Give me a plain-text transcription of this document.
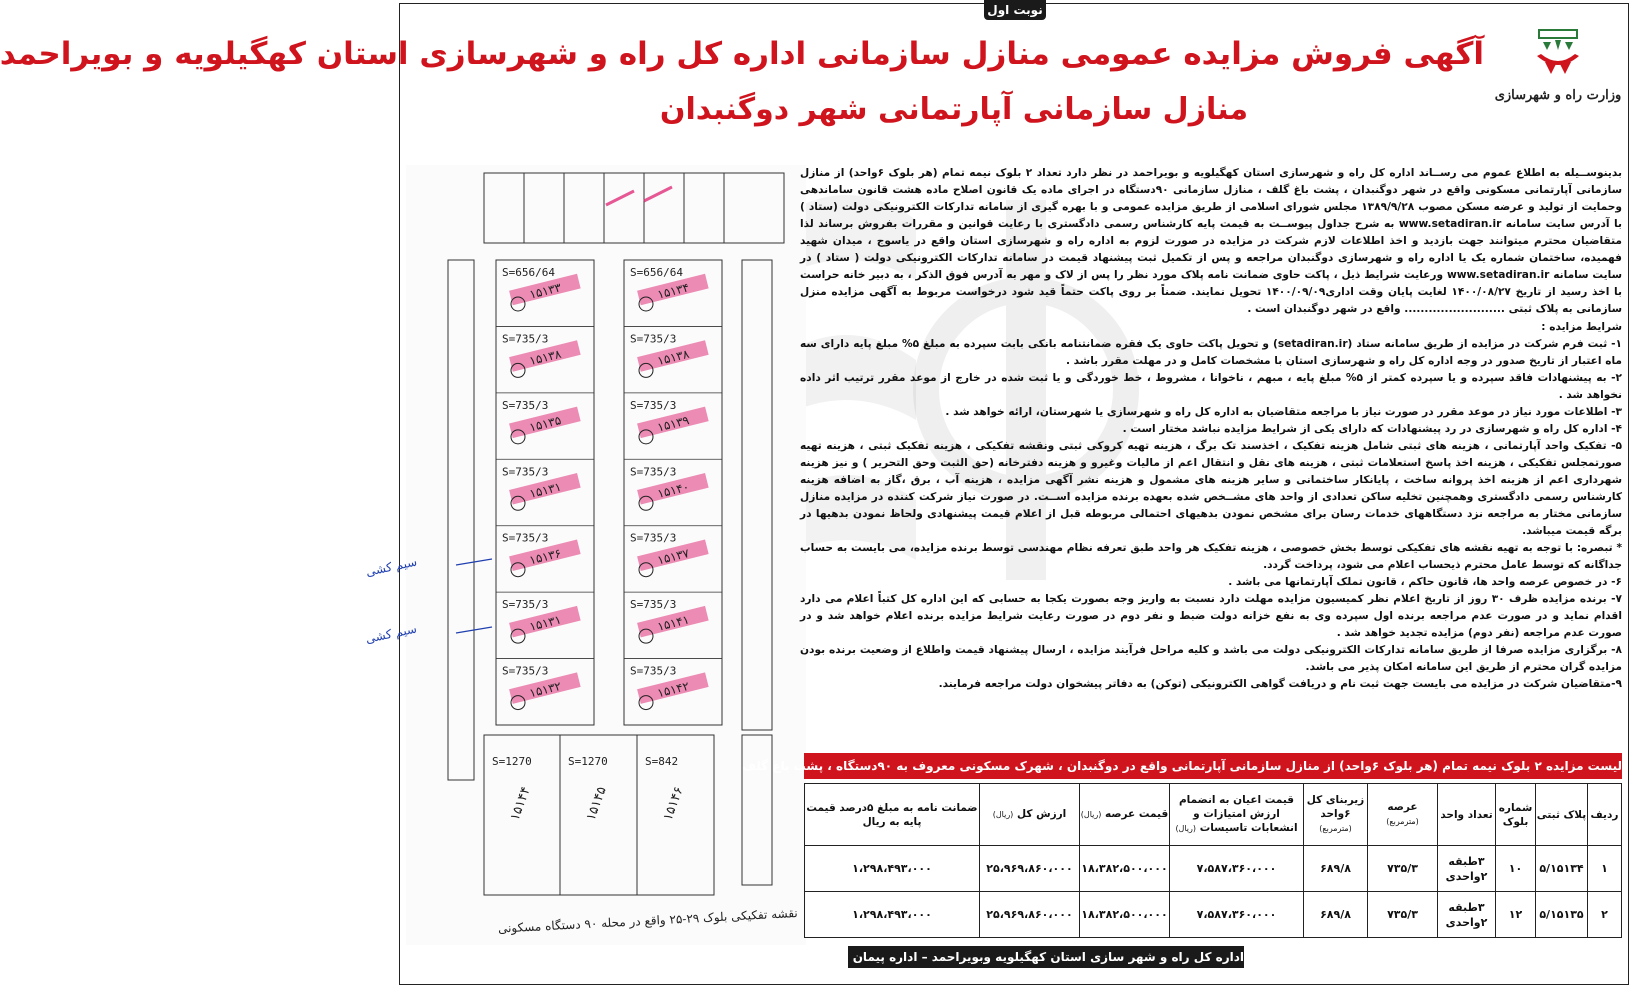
نوبت اول
وزارت راه و شهرسازی
آگهی فروش مزایده عمومی منازل سازمانی اداره کل راه و شهرسازی استان کهگیلویه و بویراحمد
منازل سازمانی آپارتمانی شهر دوگنبدان
S=656/64
۱۵۱۳۳
S=656/64
۱۵۱۳۴
S=735/3
۱۵۱۳۸
S=735/3
۱۵۱۳۸
S=735/3
۱۵۱۳۵
S=735/3
۱۵۱۳۹
S=735/3
۱۵۱۳۱
S=735/3
۱۵۱۴۰
S=735/3
۱۵۱۳۶
S=735/3
۱۵۱۳۷
S=735/3
۱۵۱۳۱
S=735/3
۱۵۱۴۱
S=735/3
۱۵۱۳۲
S=735/3
۱۵۱۴۲
S=1270
۱۵۱۴۴
S=1270
۱۵۱۴۵
S=842
۱۵۱۴۶
سیم کشی
سیم کشی
نقشه تفکیکی بلوک ۲۹-۲۵ واقع در محله ۹۰ دستگاه مسکونی

بدینوســیله به اطلاع عموم می رســاند اداره کل راه و شهرسازی استان کهگیلویه و بویراحمد در نظر دارد تعداد ۲ بلوک نیمه تمام (هر بلوک ۶واحد) از منازل سازمانی آپارتمانی مسکونی واقع در شهر دوگنبدان ، پشت باغ گلف ، منازل سازمانی ۹۰دستگاه در اجرای ماده یک قانون اصلاح ماده هشت قانون ساماندهی وحمایت از تولید و عرضه مسکن مصوب ۱۳۸۹/۹/۲۸ مجلس شورای اسلامی از طریق مزایده عمومی و با بهره گیری از سامانه تدارکات الکترونیکی دولت (ستاد ) با آدرس سایت سامانه www.setadiran.ir به شرح جداول پیوســت به قیمت پایه کارشناس رسمی دادگستری با رعایت قوانین و مقررات بفروش برساند لذا متقاضیان محترم میتوانند جهت بازدید و اخذ اطلاعات لازم شرکت در مزایده در صورت لزوم به اداره راه و شهرسازی استان واقع در یاسوج ، میدان شهید فهمیده، ساختمان شماره یک یا اداره راه و شهرسازی دوگنبدان مراجعه و پس از تکمیل ثبت پیشنهاد قیمت در سامانه تدارکات الکترونیکی دولت ( ستاد ) در سایت سامانه www.setadiran.ir ورعایت شرایط ذیل ، پاکت حاوی ضمانت نامه پلاک مورد نظر را پس از لاک و مهر به آدرس فوق الذکر ، به دبیر خانه حراست با اخذ رسید از تاریخ ۱۴۰۰/۰۸/۲۷ لغایت پایان وقت اداری۱۴۰۰/۰۹/۰۹ تحویل نمایند. ضمناً بر روی پاکت حتماً قید شود درخواست مربوط به آگهی مزایده منزل سازمانی به پلاک ثبتی ......................... واقع در شهر دوگنبدان است .

شرایط مزایده :

۱- ثبت فرم شرکت در مزایده از طریق سامانه ستاد (setadiran.ir) و تحویل پاکت حاوی یک فقره ضمانتنامه بانکی بابت سپرده به مبلغ ۵% مبلغ پایه دارای سه ماه اعتبار از تاریخ صدور در وجه اداره کل راه و شهرسازی استان با مشخصات کامل و در مهلت مقرر باشد .

۲- به پیشنهادات فاقد سپرده و یا سپرده کمتر از ۵% مبلغ پایه ، مبهم ، ناخوانا ، مشروط ، خط خوردگی و یا ثبت شده در خارج از موعد مقرر ترتیب اثر داده نخواهد شد .

۳- اطلاعات مورد نیاز در موعد مقرر در صورت نیاز با مراجعه متقاضیان به اداره کل راه و شهرسازی یا شهرستان، ارائه خواهد شد .

۴- اداره کل راه و شهرسازی در رد پیشنهادات که دارای یکی از شرایط مزایده نباشد مختار است .

۵- تفکیک واحد آپارتمانی ، هزینه های ثبتی شامل هزینه تفکیک ، اخذسند تک برگ ، هزینه تهیه کروکی ثبتی ونقشه تفکیکی ، هزینه تفکیک ثبتی ، هزینه تهیه صورتمجلس تفکیکی ، هزینه اخذ پاسخ استعلامات ثبتی ، هزینه های نقل و انتقال اعم از مالیات وغیرو و هزینه دفترخانه (حق الثبت وحق التحریر ) و نیز هزینه شهرداری اعم از هزینه اخذ پروانه ساخت ، پایانکار ساختمانی و سایر هزینه های مشمول و هزینه نشر آگهی مزایده ، هزینه آب ، برق ،گاز به اضافه هزینه کارشناس رسمی دادگستری وهمچنین تخلیه ساکن تعدادی از واحد های مشــخص شده بعهده برنده مزایده اســت. در صورت نیاز شرکت کننده در مزایده منازل سازمانی مختار به مراجعه نزد دستگاههای خدمات رسان برای مشخص نمودن بدهیهای احتمالی مربوطه قبل از اعلام قیمت پیشنهادی ولحاظ نمودن بدهیها در برگه قیمت میباشد.

* تبصره: با توجه به تهیه نقشه های تفکیکی توسط بخش خصوصی ، هزینه تفکیک هر واحد طبق تعرفه نظام مهندسی توسط برنده مزایده، می بایست به حساب جداگانه که توسط عامل محترم ذیحساب اعلام می شود، پرداخت گردد.

۶- در خصوص عرصه واحد ها، قانون حاکم ، قانون تملک آپارتمانها می باشد .

۷- برنده مزایده ظرف ۳۰ روز از تاریخ اعلام نظر کمیسیون مزایده مهلت دارد نسبت به واریز وجه بصورت یکجا به حسابی که این اداره کل کتباً اعلام می دارد اقدام نماید و در صورت عدم مراجعه برنده اول سپرده وی به نفع خزانه دولت ضبط و نفر دوم در صورت رعایت شرایط مزایده برنده اعلام خواهد شد و در صورت عدم مراجعه (نفر دوم) مزایده تجدید خواهد شد .

۸- برگزاری مزایده صرفا از طریق سامانه تدارکات الکترونیکی دولت می باشد و کلیه مراحل فرآیند مزایده ، ارسال پیشنهاد قیمت واطلاع از وضعیت برنده بودن مزایده گران محترم از طریق این سامانه امکان پذیر می باشد.

۹-متقاضیان شرکت در مزایده می بایست جهت ثبت نام و دریافت گواهی الکترونیکی (توکن) به دفاتر پیشخوان دولت مراجعه فرمایند.

لیست مزایده ۲ بلوک نیمه تمام (هر بلوک ۶واحد) از منازل سازمانی آپارتمانی واقع در دوگنبدان ، شهرک مسکونی معروف به ۹۰دستگاه ، پشت باغ گلف
ردیف	پلاک ثبتی	شماره بلوک	تعداد واحد	عرصه
(مترمربع)	زیربنای کل ۶واحد
(مترمربع)	قیمت اعیان به انضمام ارزش امتیازات و انشعابات تاسیسات (ریال)	قیمت عرصه (ریال)	ارزش کل (ریال)	ضمانت نامه به مبلغ ۵درصد قیمت پایه به ریال
۱	۵/۱۵۱۳۴	۱۰	۳طبقه
۲واحدی	۷۳۵/۳	۶۸۹/۸	۷،۵۸۷،۳۶۰،۰۰۰	۱۸،۳۸۲،۵۰۰،۰۰۰	۲۵،۹۶۹،۸۶۰،۰۰۰	۱،۲۹۸،۴۹۳،۰۰۰
۲	۵/۱۵۱۳۵	۱۲	۳طبقه
۲واحدی	۷۳۵/۳	۶۸۹/۸	۷،۵۸۷،۳۶۰،۰۰۰	۱۸،۳۸۲،۵۰۰،۰۰۰	۲۵،۹۶۹،۸۶۰،۰۰۰	۱،۲۹۸،۴۹۳،۰۰۰
اداره کل راه و شهر سازی استان کهگیلویه وبویراحمد – اداره پیمان و رسیدگی
